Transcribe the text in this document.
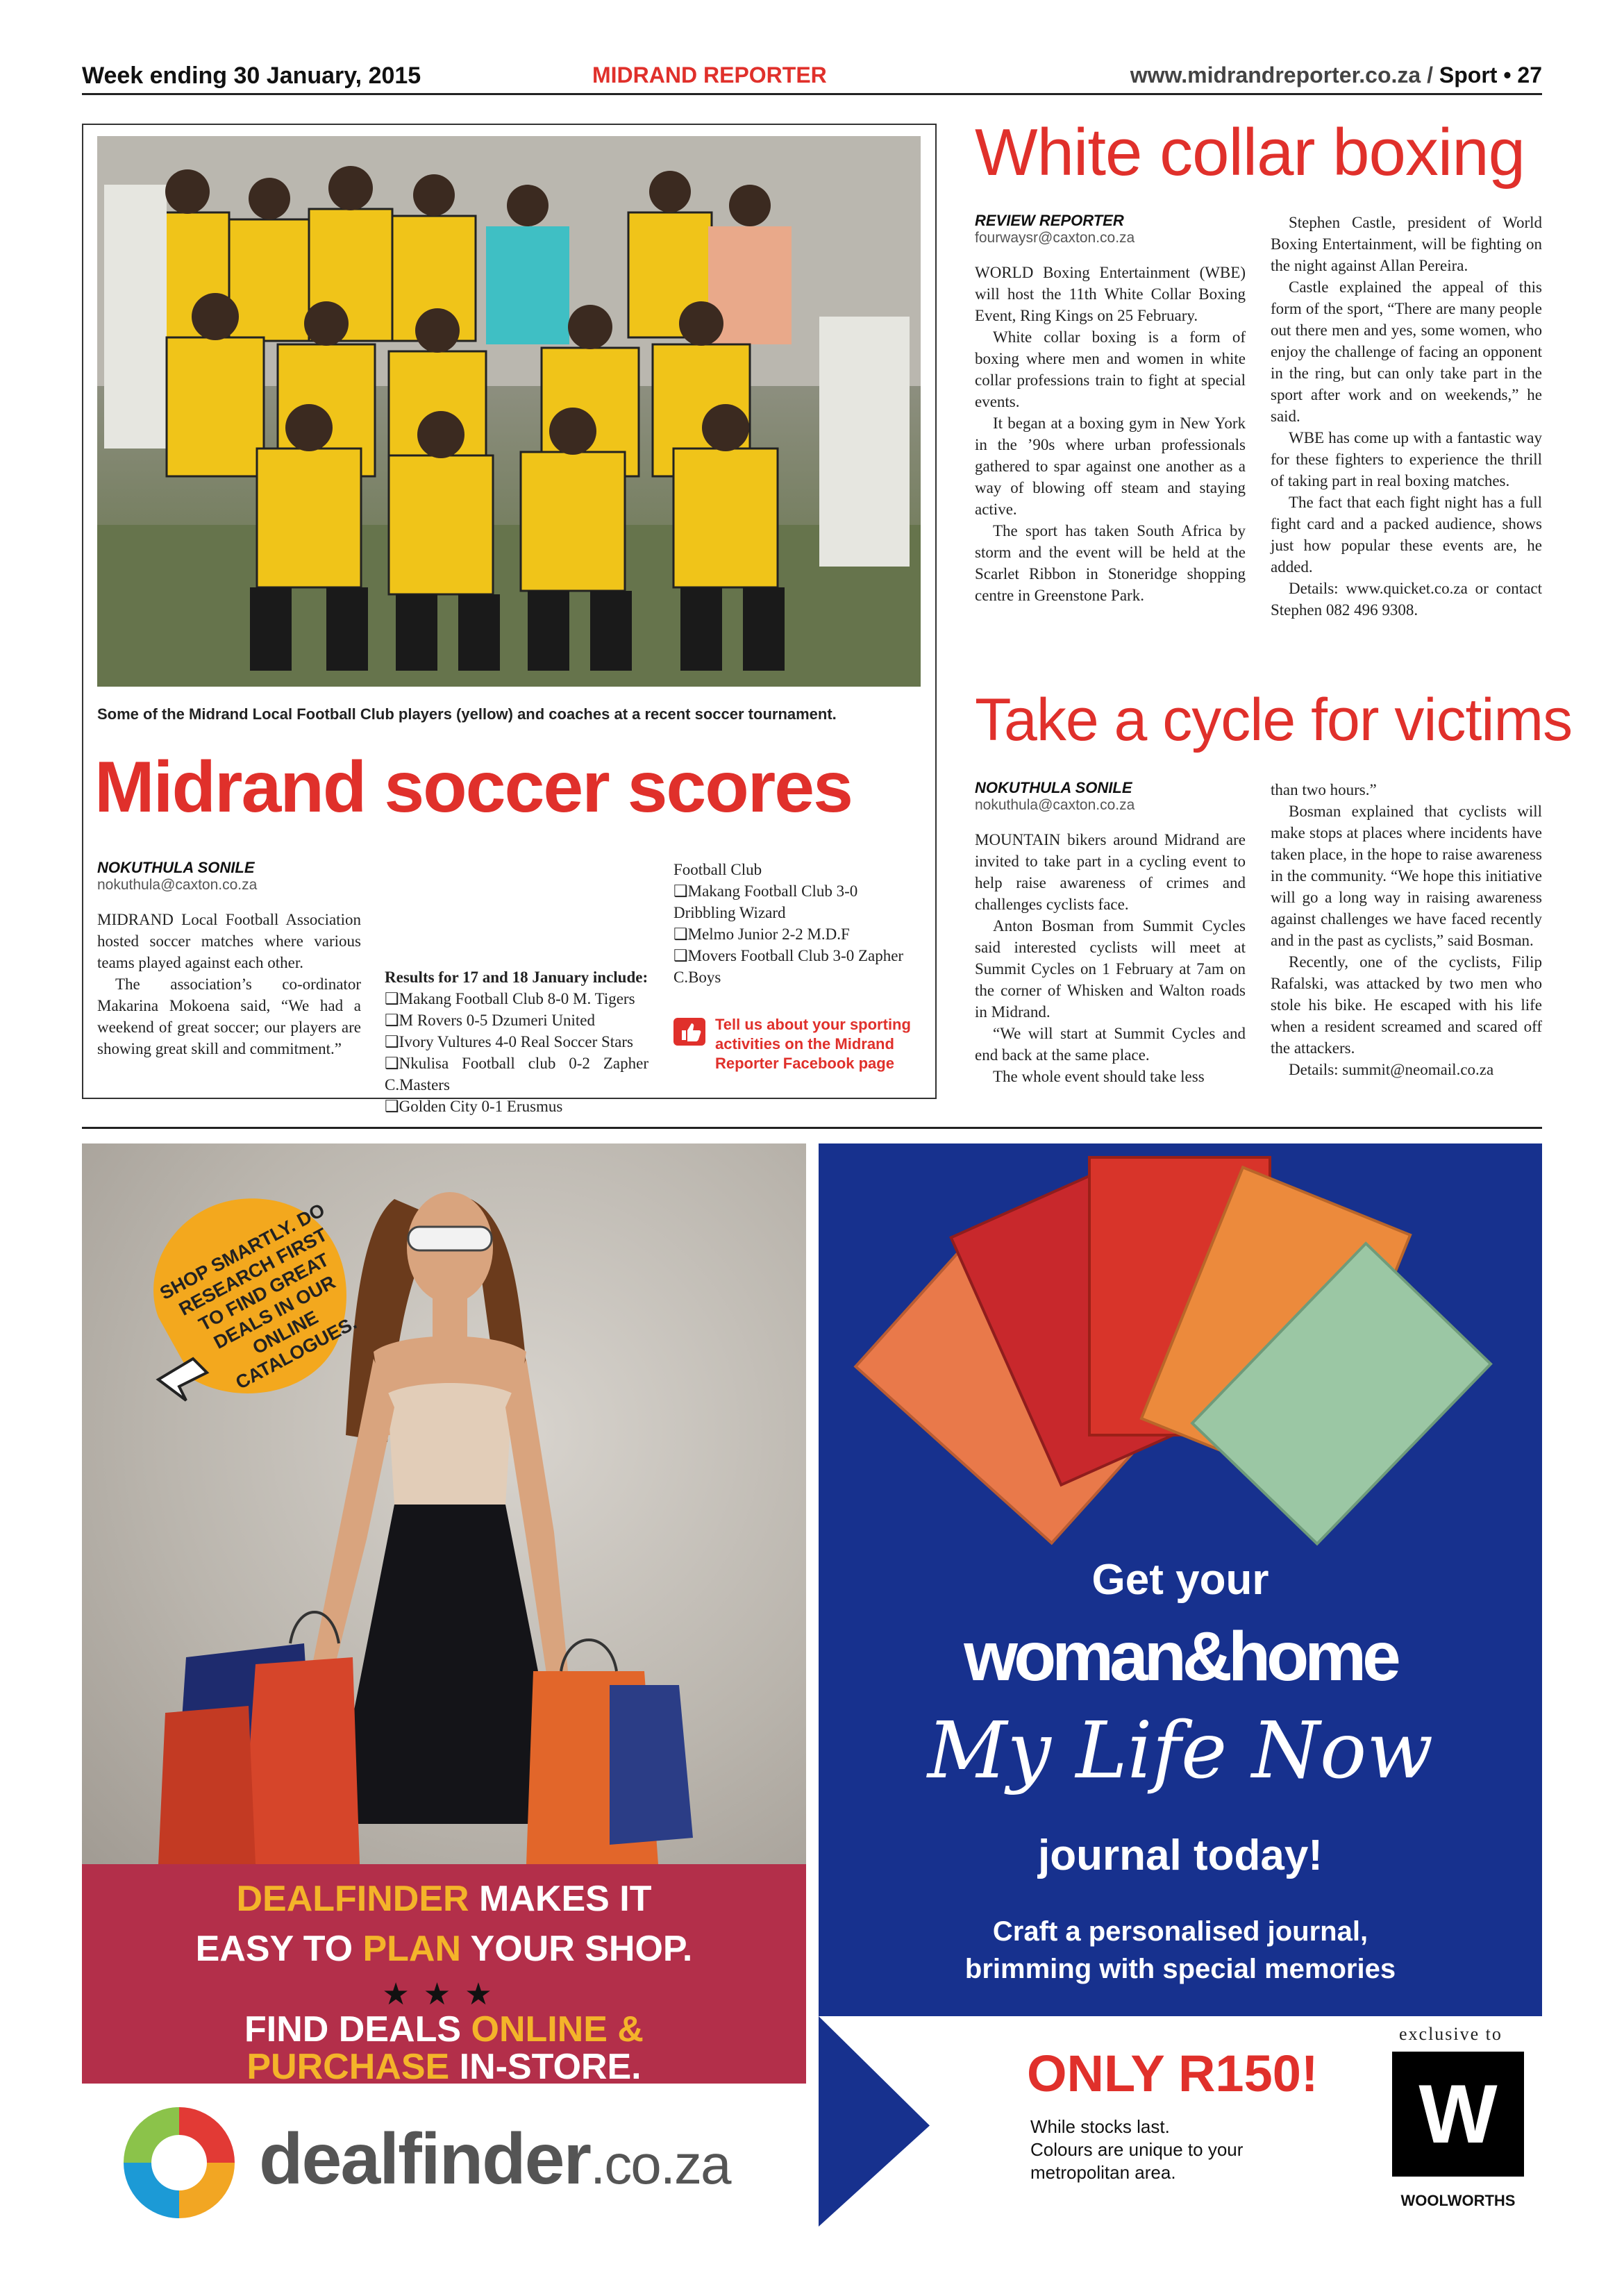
Week ending 30 January, 2015	MIDRAND REPORTER	www.midrandreporter.co.za / Sport • 27
Some of the Midrand Local Football Club players (yellow) and coaches at a recent soccer tournament.
Midrand soccer scores
NOKUTHULA SONILE
nokuthula@caxton.co.za

MIDRAND Local Football Association hosted soccer matches where various teams played against each other.

The association’s co-ordinator Makarina Mokoena said, “We had a weekend of great soccer; our players are showing great skill and commitment.”

Results for 17 and 18 January include:

❑ Makang Football Club 8-0 M. Tigers

❑ M Rovers 0-5 Dzumeri United

❑ Ivory Vultures 4-0 Real Soccer Stars

❑ Nkulisa Football club 0-2 Zapher C.Masters

❑ Golden City 0-1 Erusmus

Football Club

❑ Makang Football Club 3-0 Dribbling Wizard

❑ Melmo Junior 2-2 M.D.F

❑ Movers Football Club 3-0 Zapher C.Boys

Tell us about your sporting activities on the Midrand Reporter Facebook page
White collar boxing
REVIEW REPORTER
fourwaysr@caxton.co.za

WORLD Boxing Entertainment (WBE) will host the 11th White Collar Boxing Event, Ring Kings on 25 February.

White collar boxing is a form of boxing where men and women in white collar professions train to fight at special events.

It began at a boxing gym in New York in the ’90s where urban professionals gathered to spar against one another as a way of blowing off steam and staying active.

The sport has taken South Africa by storm and the event will be held at the Scarlet Ribbon in Stoneridge shopping centre in Greenstone Park.

Stephen Castle, president of World Boxing Entertainment, will be fighting on the night against Allan Pereira.

Castle explained the appeal of this form of the sport, “There are many people out there men and yes, some women, who enjoy the challenge of facing an opponent in the ring, but can only take part in the sport after work and on weekends,” he said.

WBE has come up with a fantastic way for these fighters to experience the thrill of taking part in real boxing matches.

The fact that each fight night has a full fight card and a packed audience, shows just how popular these events are, he added.

Details: www.quicket.co.za or contact Stephen 082 496 9308.

Take a cycle for victims
NOKUTHULA SONILE
nokuthula@caxton.co.za

MOUNTAIN bikers around Midrand are invited to take part in a cycling event to help raise awareness of crimes and challenges cyclists face.

Anton Bosman from Summit Cycles said interested cyclists will meet at Summit Cycles on 1 February at 7am on the corner of Whisken and Walton roads in Midrand.

“We will start at Summit Cycles and end back at the same place.

The whole event should take less

than two hours.”

Bosman explained that cyclists will make stops at places where incidents have taken place, in the hope to raise awareness in the community. “We hope this initiative will go a long way in raising awareness against challenges we have faced recently and in the past as cyclists,” said Bosman.

Recently, one of the cyclists, Filip Rafalski, was attacked by two men who stole his bike. He escaped with his life when a resident screamed and scared off the attackers.

Details: summit@neomail.co.za

SHOP SMARTLY. DO RESEARCH FIRST TO FIND GREAT DEALS IN OUR ONLINE CATALOGUES.
DEALFINDER MAKES IT
EASY TO PLAN YOUR SHOP.
★★★
FIND DEALS ONLINE &
PURCHASE IN-STORE.
dealfinder.co.za
Get your
woman&home
My Life Now
journal today!
Craft a personalised journal,
brimming with special memories
ONLY R150!
While stocks last.
Colours are unique to your
metropolitan area.
exclusive to
W
WOOLWORTHS
